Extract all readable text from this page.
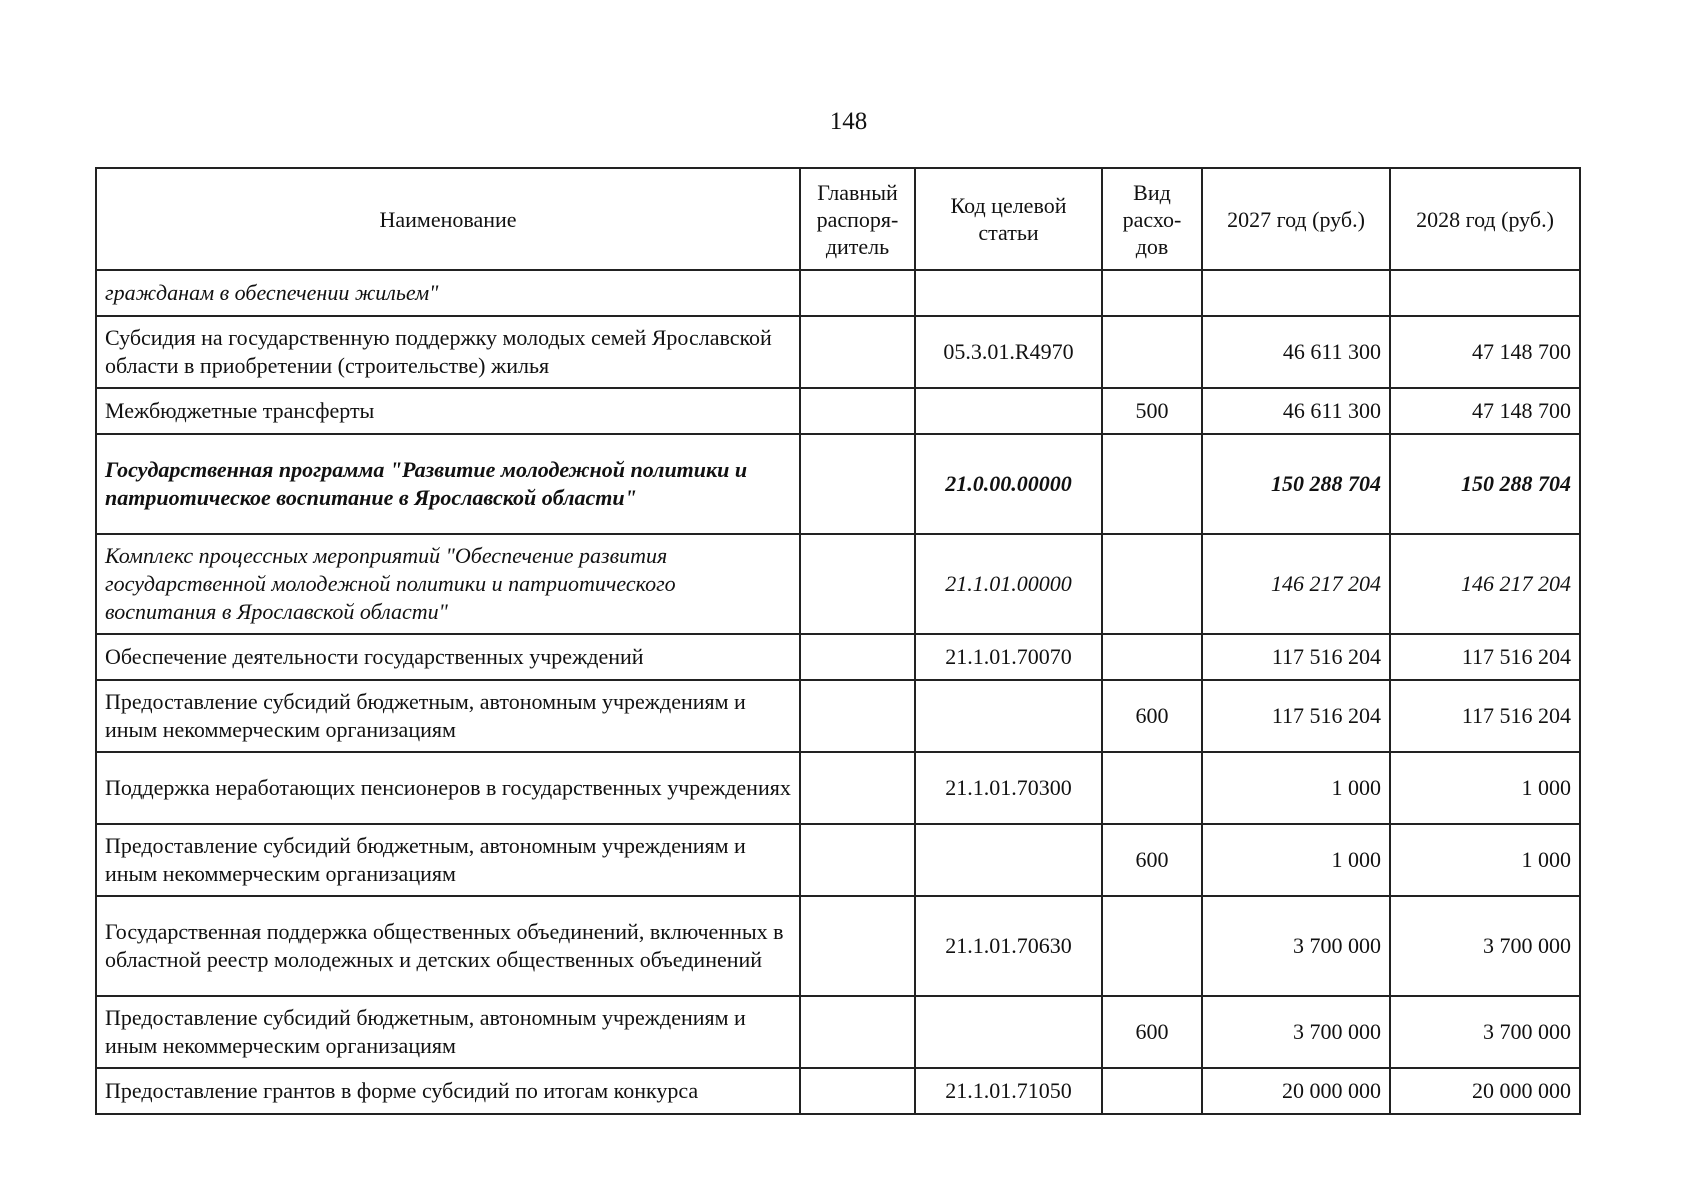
148
Наименование	Главный распоря-дитель	Код целевой статьи	Вид расхо-дов	2027 год (руб.)	2028 год (руб.)
гражданам в обеспечении жильем"					
Субсидия на государственную поддержку молодых семей Ярославской области в приобретении (строительстве) жилья		05.3.01.R4970		46 611 300	47 148 700
Межбюджетные трансферты			500	46 611 300	47 148 700
Государственная программа "Развитие молодежной политики и патриотическое воспитание в Ярославской области"		21.0.00.00000		150 288 704	150 288 704
Комплекс процессных мероприятий "Обеспечение развития государственной молодежной политики и патриотического воспитания в Ярославской области"		21.1.01.00000		146 217 204	146 217 204
Обеспечение деятельности государственных учреждений		21.1.01.70070		117 516 204	117 516 204
Предоставление субсидий бюджетным, автономным учреждениям и иным некоммерческим организациям			600	117 516 204	117 516 204
Поддержка неработающих пенсионеров в государственных учреждениях		21.1.01.70300		1 000	1 000
Предоставление субсидий бюджетным, автономным учреждениям и иным некоммерческим организациям			600	1 000	1 000
Государственная поддержка общественных объединений, включенных в областной реестр молодежных и детских общественных объединений		21.1.01.70630		3 700 000	3 700 000
Предоставление субсидий бюджетным, автономным учреждениям и иным некоммерческим организациям			600	3 700 000	3 700 000
Предоставление грантов в форме субсидий по итогам конкурса		21.1.01.71050		20 000 000	20 000 000
